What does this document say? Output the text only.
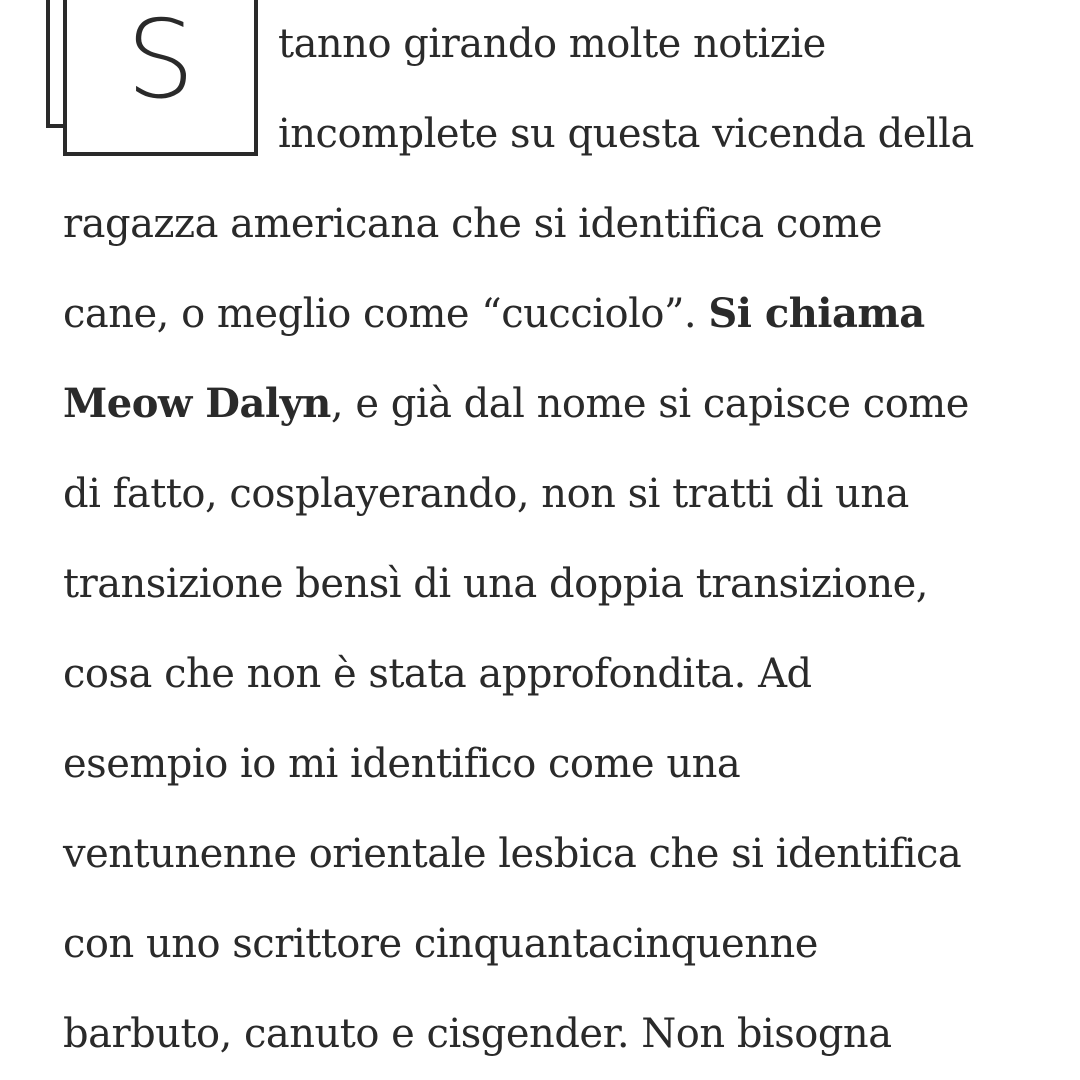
S	tanno girando molte notizie
incomplete su questa vicenda della
ragazza americana che si identifica come
cane, o meglio come “cucciolo”. Si chiama
Meow Dalyn, e già dal nome si capisce come
di fatto, cosplayerando, non si tratti di una
transizione bensì di una doppia transizione,
cosa che non è stata approfondita. Ad
esempio io mi identifico come una
ventunenne orientale lesbica che si identifica
con uno scrittore cinquantacinquenne
barbuto, canuto e cisgender. Non bisogna
